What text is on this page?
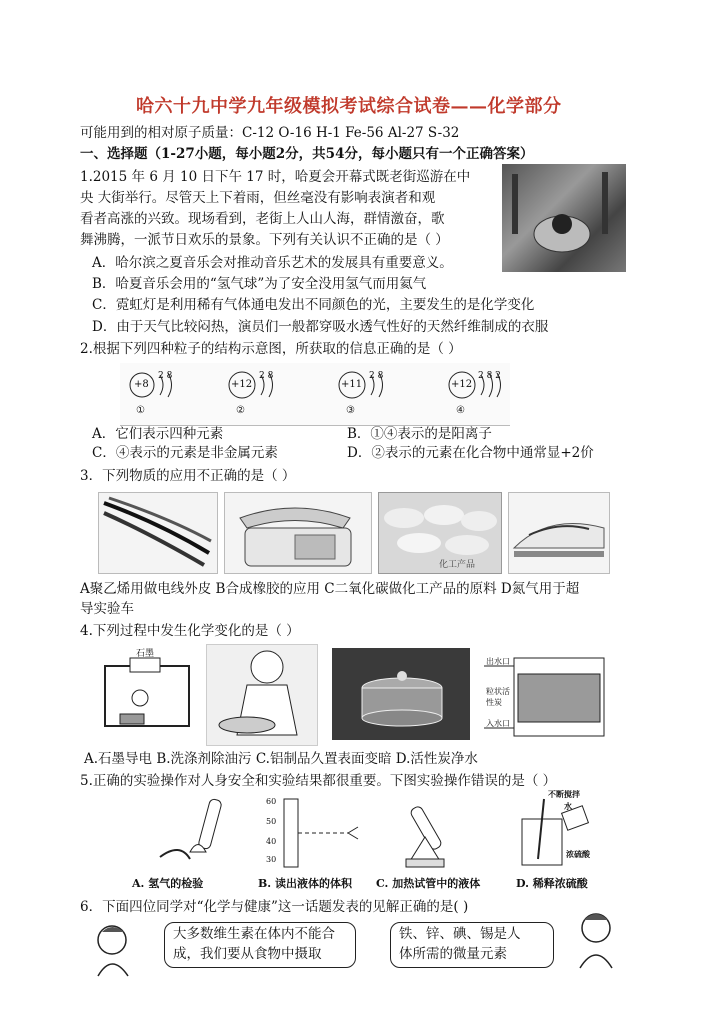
哈六十九中学九年级模拟考试综合试卷——化学部分
可能用到的相对原子质量：C-12 O-16 H-1 Fe-56 Al-27 S-32
一、选择题（1-27小题，每小题2分，共54分，每小题只有一个正确答案）
1.2015 年 6 月 10 日下午 17 时，哈夏会开幕式既老街巡游在中
央 大街举行。尽管天上下着雨，但丝毫没有影响表演者和观
看者高涨的兴致。现场看到，老街上人山人海，群情激奋，歌
舞沸腾，一派节日欢乐的景象。下列有关认识不正确的是（ ）
A．哈尔滨之夏音乐会对推动音乐艺术的发展具有重要意义。
B．哈夏音乐会用的“氢气球”为了安全没用氢气而用氦气
C．霓虹灯是利用稀有气体通电发出不同颜色的光，主要发生的是化学变化
D．由于天气比较闷热，演员们一般都穿吸水透气性好的天然纤维制成的衣服
2.根据下列四种粒子的结构示意图，所获取的信息正确的是（ ）
+8
2 8
①
+12
2 8
②
+11
2 8
③
+12
2 8 2
④
A．它们表示四种元素	B．①④表示的是阳离子
C．④表示的元素是非金属元素	D．②表示的元素在化合物中通常显+2价
3．下列物质的应用不正确的是（ ）
化工产品
A聚乙烯用做电线外皮 B合成橡胶的应用 C二氧化碳做化工产品的原料 D氮气用于超
导实验车
4.下列过程中发生化学变化的是（ ）
石墨
出水口
粒状活性炭
入水口
A.石墨导电 B.洗涤剂除油污 C.铝制品久置表面变暗 D.活性炭净水
5.正确的实验操作对人身安全和实验结果都很重要。下图实验操作错误的是（ ）
60
50
40
30
不断搅拌
水
浓硫酸
A. 氢气的检验	B. 读出液体的体积 C. 加热试管中的液体	D. 稀释浓硫酸
6．下面四位同学对“化学与健康”这一话题发表的见解正确的是( )
大多数维生素在体内不能合
成，我们要从食物中摄取
铁、锌、碘、锡是人
体所需的微量元素
